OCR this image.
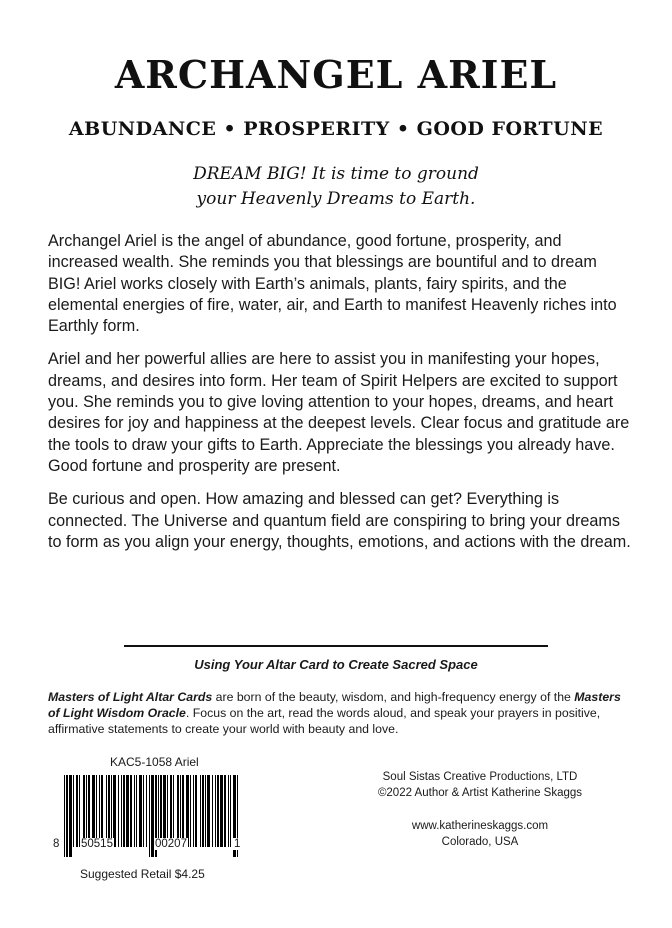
ARCHANGEL ARIEL
ABUNDANCE • PROSPERITY • GOOD FORTUNE
DREAM BIG! It is time to ground
your Heavenly Dreams to Earth.

Archangel Ariel is the angel of abundance, good fortune, prosperity, and increased wealth. She reminds you that blessings are bountiful and to dream BIG! Ariel works closely with Earth’s animals, plants, fairy spirits, and the elemental energies of fire, water, air, and Earth to manifest Heavenly riches into Earthly form.

Ariel and her powerful allies are here to assist you in manifesting your hopes, dreams, and desires into form. Her team of Spirit Helpers are excited to support you. She reminds you to give loving attention to your hopes, dreams, and heart desires for joy and happiness at the deepest levels. Clear focus and gratitude are the tools to draw your gifts to Earth. Appreciate the blessings you already have. Good fortune and prosperity are present.

Be curious and open. How amazing and blessed can get? Everything is connected. The Universe and quantum field are conspiring to bring your dreams to form as you align your energy, thoughts, emotions, and actions with the dream.

Using Your Altar Card to Create Sacred Space
Masters of Light Altar Cards are born of the beauty, wisdom, and high-frequency energy of the Masters of Light Wisdom Oracle. Focus on the art, read the words aloud, and speak your prayers in positive, affirmative statements to create your world with beauty and love.
KAC5-1058 Ariel
8 50515	00207	1
Suggested Retail $4.25
Soul Sistas Creative Productions, LTD
©2022 Author & Artist Katherine Skaggs
www.katherineskaggs.com
Colorado, USA
